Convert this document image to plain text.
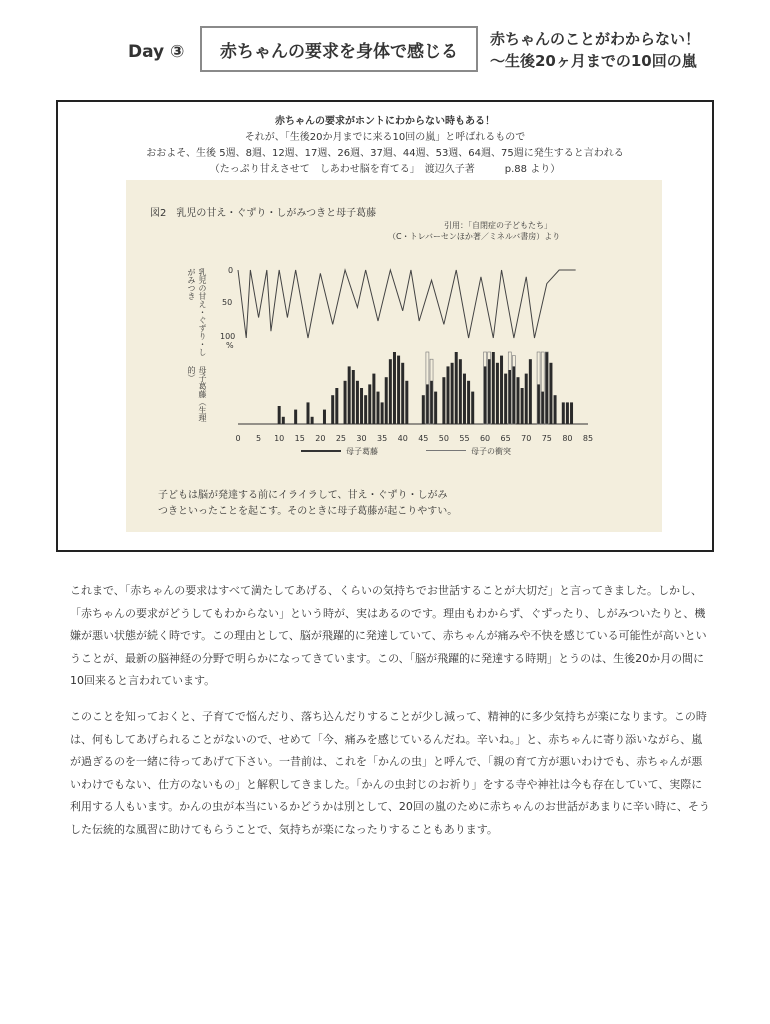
Day ③ 赤ちゃんの要求を身体で感じる
赤ちゃんのことがわからない！
〜生後20ヶ月までの10回の嵐
赤ちゃんの要求がホントにわからない時もある！
それが、「生後20か月までに来る10回の嵐」と呼ばれるもので
おおよそ、生後 5週、8週、12週、17週、26週、37週、44週、53週、64週、75週に発生すると言われる
（たっぷり甘えさせて　しあわせ脳を育てる」　渡辺久子著　　　p.88 より）
図2　乳児の甘え・ぐずり・しがみつきと母子葛藤
引用：「自閉症の子どもたち」
（C・トレバーセンほか著／ミネルバ書房）より
乳児の甘え・ぐずり・しがみつき
母子葛藤（生理的）
0
50
100
%
0 5 10 15 20 25 30 35 40 45 50 55 60 65 70 75 80 85
母子葛藤	母子の衝突
子どもは脳が発達する前にイライラして、甘え・ぐずり・しがみ
つきといったことを起こす。そのときに母子葛藤が起こりやすい。

これまで、「赤ちゃんの要求はすべて満たしてあげる、くらいの気持ちでお世話することが大切だ」と言ってきました。しかし、「赤ちゃんの要求がどうしてもわからない」という時が、実はあるのです。理由もわからず、ぐずったり、しがみついたりと、機嫌が悪い状態が続く時です。この理由として、脳が飛躍的に発達していて、赤ちゃんが痛みや不快を感じている可能性が高いということが、最新の脳神経の分野で明らかになってきています。この、「脳が飛躍的に発達する時期」とうのは、生後20か月の間に10回来ると言われています。

このことを知っておくと、子育てで悩んだり、落ち込んだりすることが少し減って、精神的に多少気持ちが楽になります。この時は、何もしてあげられることがないので、せめて「今、痛みを感じているんだね。辛いね。」と、赤ちゃんに寄り添いながら、嵐が過ぎるのを一緒に待ってあげて下さい。一昔前は、これを「かんの虫」と呼んで、「親の育て方が悪いわけでも、赤ちゃんが悪いわけでもない、仕方のないもの」と解釈してきました。「かんの虫封じのお祈り」をする寺や神社は今も存在していて、実際に利用する人もいます。かんの虫が本当にいるかどうかは別として、20回の嵐のために赤ちゃんのお世話があまりに辛い時に、そうした伝統的な風習に助けてもらうことで、気持ちが楽になったりすることもあります。
